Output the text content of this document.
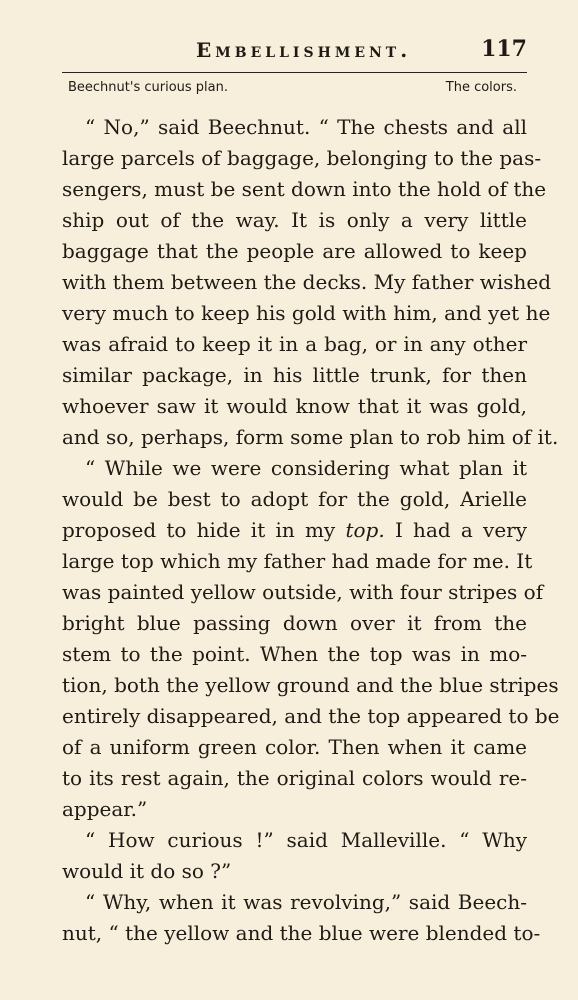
Embellishment.	117
Beechnut's curious plan.	The colors.
“ No,” said Beechnut. “ The chests and all
large parcels of baggage, belonging to the pas-
sengers, must be sent down into the hold of the
ship out of the way. It is only a very little
baggage that the people are allowed to keep
with them between the decks. My father wished
very much to keep his gold with him, and yet he
was afraid to keep it in a bag, or in any other
similar package, in his little trunk, for then
whoever saw it would know that it was gold,
and so, perhaps, form some plan to rob him of it.
“ While we were considering what plan it
would be best to adopt for the gold, Arielle
proposed to hide it in my top. I had a very
large top which my father had made for me. It
was painted yellow outside, with four stripes of
bright blue passing down over it from the
stem to the point. When the top was in mo-
tion, both the yellow ground and the blue stripes
entirely disappeared, and the top appeared to be
of a uniform green color. Then when it came
to its rest again, the original colors would re-
appear.”
“ How curious !” said Malleville. “ Why
would it do so ?”
“ Why, when it was revolving,” said Beech-
nut, “ the yellow and the blue were blended to-
